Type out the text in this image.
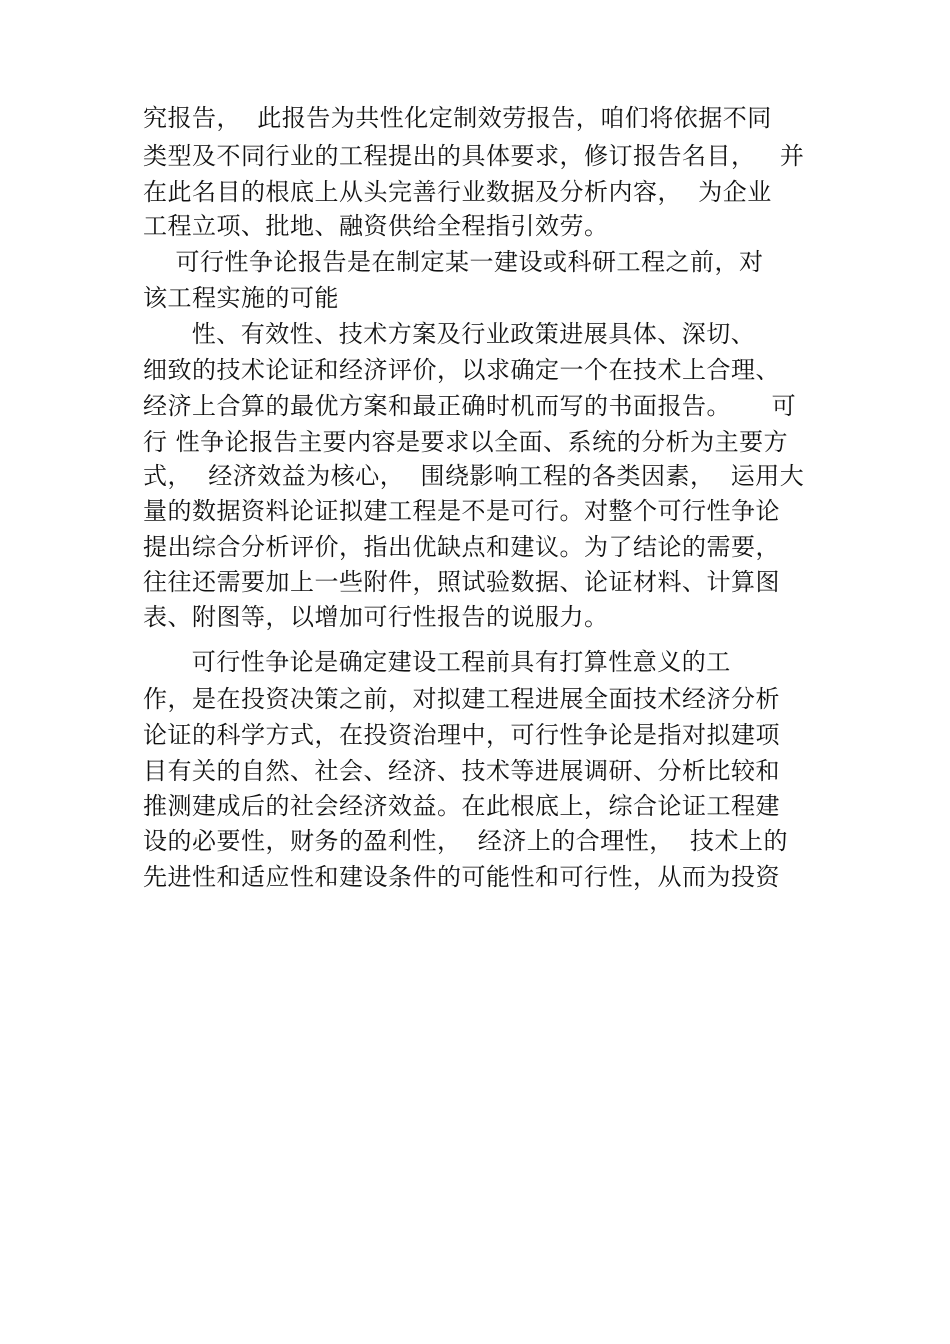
究报告，  此报告为共性化定制效劳报告，咱们将依据不同
类型及不同行业的工程提出的具体要求，修订报告名目，   并
在此名目的根底上从头完善行业数据及分析内容，  为企业
工程立项、批地、融资供给全程指引效劳。
可行性争论报告是在制定某一建设或科研工程之前，对
该工程实施的可能
性、有效性、技术方案及行业政策进展具体、深切、
细致的技术论证和经济评价，以求确定一个在技术上合理、
经济上合算的最优方案和最正确时机而写的书面报告。     可
行 性争论报告主要内容是要求以全面、系统的分析为主要方
式，  经济效益为核心，  围绕影响工程的各类因素，  运用大
量的数据资料论证拟建工程是不是可行。对整个可行性争论
提出综合分析评价，指出优缺点和建议。为了结论的需要，
往往还需要加上一些附件，照试验数据、论证材料、计算图
表、附图等，以增加可行性报告的说服力。
可行性争论是确定建设工程前具有打算性意义的工
作，是在投资决策之前，对拟建工程进展全面技术经济分析
论证的科学方式，在投资治理中，可行性争论是指对拟建项
目有关的自然、社会、经济、技术等进展调研、分析比较和
推测建成后的社会经济效益。在此根底上，综合论证工程建
设的必要性，财务的盈利性，  经济上的合理性，  技术上的
先进性和适应性和建设条件的可能性和可行性，从而为投资
